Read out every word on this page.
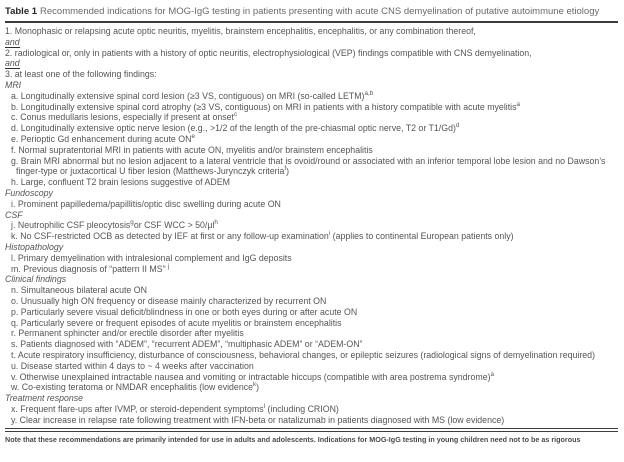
Table 1 Recommended indications for MOG-IgG testing in patients presenting with acute CNS demyelination of putative autoimmune etiology
1. Monophasic or relapsing acute optic neuritis, myelitis, brainstem encephalitis, encephalitis, or any combination thereof,
and
2. radiological or, only in patients with a history of optic neuritis, electrophysiological (VEP) findings compatible with CNS demyelination,
and
3. at least one of the following findings:
MRI
a. Longitudinally extensive spinal cord lesion (≥3 VS, contiguous) on MRI (so-called LETM)$^{a,b}$
b. Longitudinally extensive spinal cord atrophy (≥3 VS, contiguous) on MRI in patients with a history compatible with acute myelitis$^a$
c. Conus medullaris lesions, especially if present at onset$^c$
d. Longitudinally extensive optic nerve lesion (e.g., >1/2 of the length of the pre-chiasmal optic nerve, T2 or T1/Gd)$^d$
e. Perioptic Gd enhancement during acute $ON^e$
f. Normal supratentorial MRI in patients with acute ON, myelitis and/or brainstem encephalitis
g. Brain MRI abnormal but no lesion adjacent to a lateral ventricle that is ovoid/round or associated with an inferior temporal lobe lesion and no Dawson’s finger-type or juxtacortical U fiber lesion (Matthews-Jurynczyk criteria$^f$)
h. Large, confluent T2 brain lesions suggestive of ADEM
Fundoscopy
i. Prominent papilledema/papillitis/optic disc swelling during acute ON
CSF
j. Neutrophilic CSF pleocytosis$^g$or CSF WCC > $50/\mu l^h$
k. No CSF-restricted OCB as detected by IEF at first or any follow-up examination$^i$ (applies to continental European patients only)
Histopathology
l. Primary demyelination with intralesional complement and IgG deposits
m. Previous diagnosis of “pattern II MS” $^j$
Clinical findings
n. Simultaneous bilateral acute ON
o. Unusually high ON frequency or disease mainly characterized by recurrent ON
p. Particularly severe visual deficit/blindness in one or both eyes during or after acute ON
q. Particularly severe or frequent episodes of acute myelitis or brainstem encephalitis
r. Permanent sphincter and/or erectile disorder after myelitis
s. Patients diagnosed with “ADEM”, “recurrent ADEM”, “multiphasic ADEM” or “ADEM-ON”
t. Acute respiratory insufficiency, disturbance of consciousness, behavioral changes, or epileptic seizures (radiological signs of demyelination required)
u. Disease started within 4 days to ~ 4 weeks after vaccination
v. Otherwise unexplained intractable nausea and vomiting or intractable hiccups (compatible with area postrema syndrome)$^a$
w. Co-existing teratoma or NMDAR encephalitis (low evidence$^k$)
Treatment response
x. Frequent flare-ups after IVMP, or steroid-dependent symptoms$^l$ (including CRION)
y. Clear increase in relapse rate following treatment with IFN-beta or natalizumab in patients diagnosed with MS (low evidence)
Note that these recommendations are primarily intended for use in adults and adolescents. Indications for MOG-IgG testing in young children need not to be as rigorous
